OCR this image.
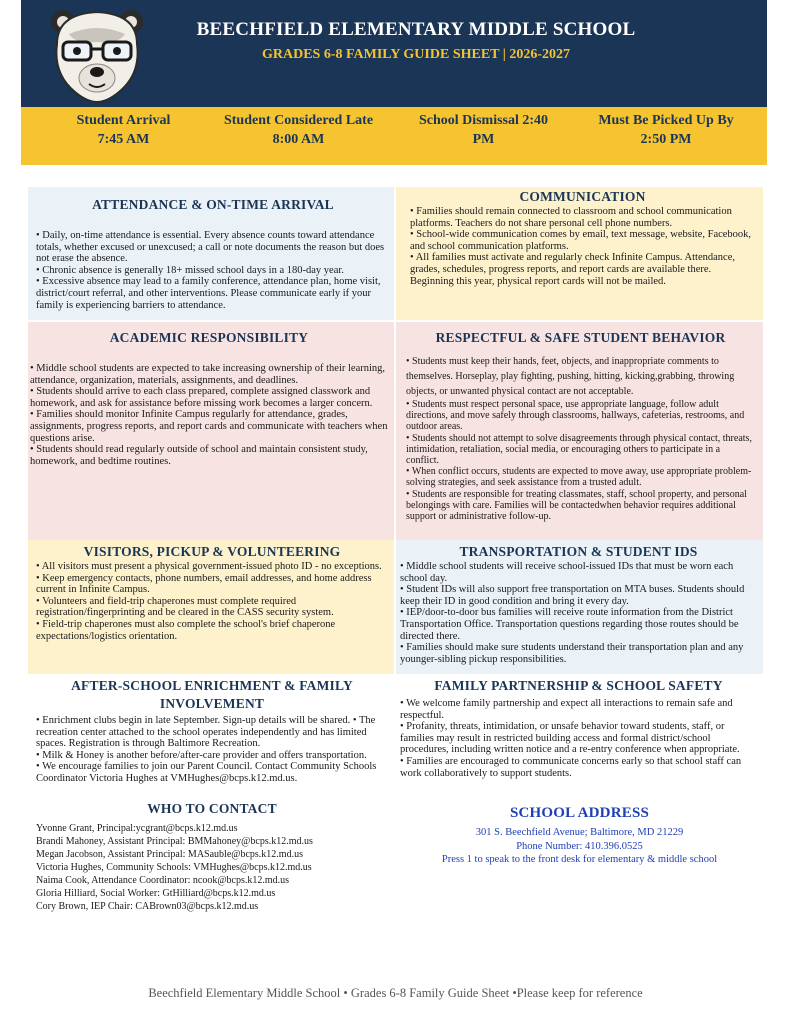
BEECHFIELD ELEMENTARY MIDDLE SCHOOL
GRADES 6-8 FAMILY GUIDE SHEET | 2026-2027
Student Arrival
7:45 AM
Student Considered Late
8:00 AM
School Dismissal 2:40
PM
Must Be Picked Up By
2:50 PM
ATTENDANCE & ON-TIME ARRIVAL

• Daily, on-time attendance is essential. Every absence counts toward attendance totals, whether excused or unexcused; a call or note documents the reason but does not erase the absence.

• Chronic absence is generally 18+ missed school days in a 180-day year.

• Excessive absence may lead to a family conference, attendance plan, home visit, district/court referral, and other interventions. Please communicate early if your family is experiencing barriers to attendance.

COMMUNICATION

• Families should remain connected to classroom and school communication platforms. Teachers do not share personal cell phone numbers.

• School-wide communication comes by email, text message, website, Facebook, and school communication platforms.

• All families must activate and regularly check Infinite Campus. Attendance, grades, schedules, progress reports, and report cards are available there. Beginning this year, physical report cards will not be mailed.

ACADEMIC RESPONSIBILITY

• Middle school students are expected to take increasing ownership of their learning, attendance, organization, materials, assignments, and deadlines.

• Students should arrive to each class prepared, complete assigned classwork and homework, and ask for assistance before missing work becomes a larger concern.

• Families should monitor Infinite Campus regularly for attendance, grades, assignments, progress reports, and report cards and communicate with teachers when questions arise.

• Students should read regularly outside of school and maintain consistent study, homework, and bedtime routines.

RESPECTFUL & SAFE STUDENT BEHAVIOR

• Students must keep their hands, feet, objects, and inappropriate comments to themselves. Horseplay, play fighting, pushing, hitting, kicking,grabbing, throwing objects, or unwanted physical contact are not acceptable.

• Students must respect personal space, use appropriate language, follow adult directions, and move safely through classrooms, hallways, cafeterias, restrooms, and outdoor areas.

• Students should not attempt to solve disagreements through physical contact, threats, intimidation, retaliation, social media, or encouraging others to participate in a conflict.

• When conflict occurs, students are expected to move away, use appropriate problem-solving strategies, and seek assistance from a trusted adult.

• Students are responsible for treating classmates, staff, school property, and personal belongings with care. Families will be contactedwhen behavior requires additional support or administrative follow-up.

VISITORS, PICKUP & VOLUNTEERING

• All visitors must present a physical government-issued photo ID - no exceptions.

• Keep emergency contacts, phone numbers, email addresses, and home address current in Infinite Campus.

• Volunteers and field-trip chaperones must complete required registration/fingerprinting and be cleared in the CASS security system.

• Field-trip chaperones must also complete the school's brief chaperone expectations/logistics orientation.

TRANSPORTATION & STUDENT IDS

• Middle school students will receive school-issued IDs that must be worn each school day.

• Student IDs will also support free transportation on MTA buses. Students should keep their ID in good condition and bring it every day.

• IEP/door-to-door bus families will receive route information from the District Transportation Office. Transportation questions regarding those routes should be directed there.

• Families should make sure students understand their transportation plan and any younger-sibling pickup responsibilities.

AFTER-SCHOOL ENRICHMENT & FAMILY
INVOLVEMENT

• Enrichment clubs begin in late September. Sign-up details will be shared. • The recreation center attached to the school operates independently and has limited spaces. Registration is through Baltimore Recreation.

• Milk & Honey is another before/after-care provider and offers transportation.

• We encourage families to join our Parent Council. Contact Community Schools Coordinator Victoria Hughes at VMHughes@bcps.k12.md.us.

FAMILY PARTNERSHIP & SCHOOL SAFETY

• We welcome family partnership and expect all interactions to remain safe and respectful.

• Profanity, threats, intimidation, or unsafe behavior toward students, staff, or families may result in restricted building access and formal district/school procedures, including written notice and a re-entry conference when appropriate.

• Families are encouraged to communicate concerns early so that school staff can work collaboratively to support students.

WHO TO CONTACT
Yvonne Grant, Principal:ycgrant@bcps.k12.md.us
Brandi Mahoney, Assistant Principal: BMMahoney@bcps.k12.md.us
Megan Jacobson, Assistant Principal: MASauble@bcps.k12.md.us
Victoria Hughes, Community Schools: VMHughes@bcps.k12.md.us
Naima Cook, Attendance Coordinator: ncook@bcps.k12.md.us
Gloria Hilliard, Social Worker: GtHilliard@bcps.k12.md.us
Cory Brown, IEP Chair: CABrown03@bcps.k12.md.us
SCHOOL ADDRESS
301 S. Beechfield Avenue; Baltimore, MD 21229
Phone Number: 410.396.0525
Press 1 to speak to the front desk for elementary & middle school
Beechfield Elementary Middle School • Grades 6-8 Family Guide Sheet •Please keep for reference
